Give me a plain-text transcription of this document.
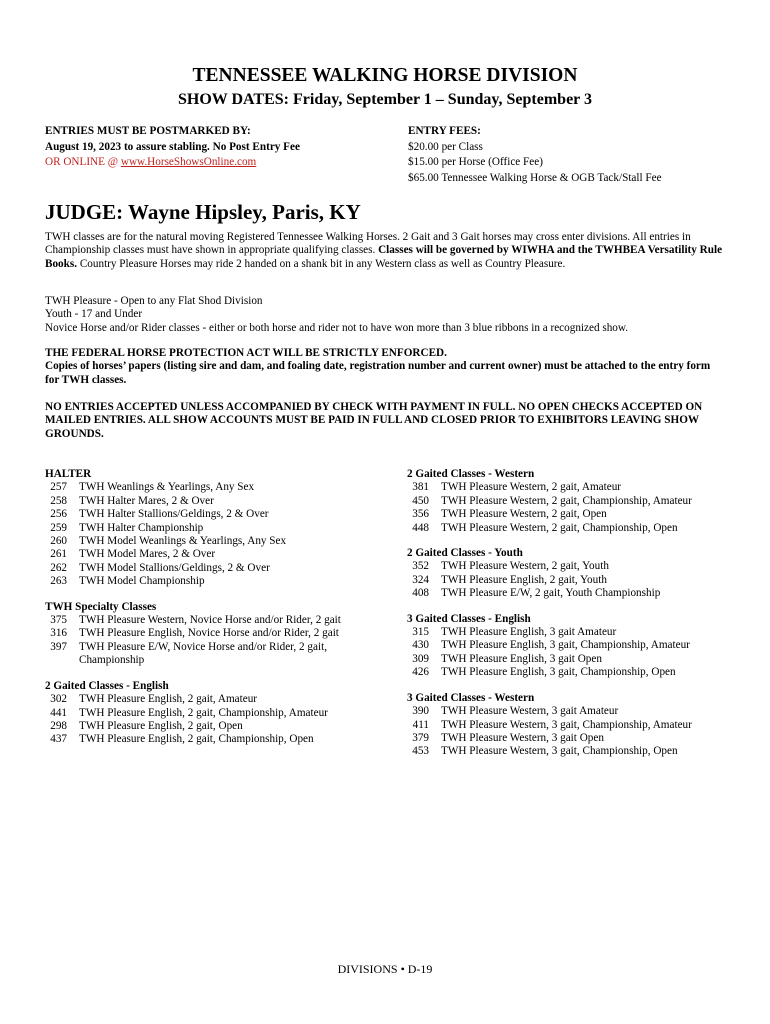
TENNESSEE WALKING HORSE DIVISION
SHOW DATES: Friday, September 1 – Sunday, September 3
ENTRIES MUST BE POSTMARKED BY:
August 19, 2023 to assure stabling. No Post Entry Fee
OR ONLINE @ www.HorseShowsOnline.com
ENTRY FEES:
$20.00 per Class
$15.00 per Horse (Office Fee)
$65.00 Tennessee Walking Horse & OGB Tack/Stall Fee
JUDGE: Wayne Hipsley, Paris, KY
TWH classes are for the natural moving Registered Tennessee Walking Horses. 2 Gait and 3 Gait horses may cross enter divisions. All entries in Championship classes must have shown in appropriate qualifying classes. Classes will be governed by WIWHA and the TWHBEA Versatility Rule Books. Country Pleasure Horses may ride 2 handed on a shank bit in any Western class as well as Country Pleasure.
TWH Pleasure - Open to any Flat Shod Division
Youth - 17 and Under
Novice Horse and/or Rider classes - either or both horse and rider not to have won more than 3 blue ribbons in a recognized show.
THE FEDERAL HORSE PROTECTION ACT WILL BE STRICTLY ENFORCED.
Copies of horses’ papers (listing sire and dam, and foaling date, registration number and current owner) must be attached to the entry form for TWH classes.
NO ENTRIES ACCEPTED UNLESS ACCOMPANIED BY CHECK WITH PAYMENT IN FULL. NO OPEN CHECKS ACCEPTED ON MAILED ENTRIES. ALL SHOW ACCOUNTS MUST BE PAID IN FULL AND CLOSED PRIOR TO EXHIBITORS LEAVING SHOW GROUNDS.
HALTER
257	TWH Weanlings & Yearlings, Any Sex
258	TWH Halter Mares, 2 & Over
256	TWH Halter Stallions/Geldings, 2 & Over
259	TWH Halter Championship
260	TWH Model Weanlings & Yearlings, Any Sex
261	TWH Model Mares, 2 & Over
262	TWH Model Stallions/Geldings, 2 & Over
263	TWH Model Championship
TWH Specialty Classes
375	TWH Pleasure Western, Novice Horse and/or Rider, 2 gait
316	TWH Pleasure English, Novice Horse and/or Rider, 2 gait
397	TWH Pleasure E/W, Novice Horse and/or Rider, 2 gait, Championship
2 Gaited Classes - English
302	TWH Pleasure English, 2 gait, Amateur
441	TWH Pleasure English, 2 gait, Championship, Amateur
298	TWH Pleasure English, 2 gait, Open
437	TWH Pleasure English, 2 gait, Championship, Open
2 Gaited Classes - Western
381	TWH Pleasure Western, 2 gait, Amateur
450	TWH Pleasure Western, 2 gait, Championship, Amateur
356	TWH Pleasure Western, 2 gait, Open
448	TWH Pleasure Western, 2 gait, Championship, Open
2 Gaited Classes - Youth
352	TWH Pleasure Western, 2 gait, Youth
324	TWH Pleasure English, 2 gait, Youth
408	TWH Pleasure E/W, 2 gait, Youth Championship
3 Gaited Classes - English
315	TWH Pleasure English, 3 gait Amateur
430	TWH Pleasure English, 3 gait, Championship, Amateur
309	TWH Pleasure English, 3 gait Open
426	TWH Pleasure English, 3 gait, Championship, Open
3 Gaited Classes - Western
390	TWH Pleasure Western, 3 gait Amateur
411	TWH Pleasure Western, 3 gait, Championship, Amateur
379	TWH Pleasure Western, 3 gait Open
453	TWH Pleasure Western, 3 gait, Championship, Open
DIVISIONS • D-19
